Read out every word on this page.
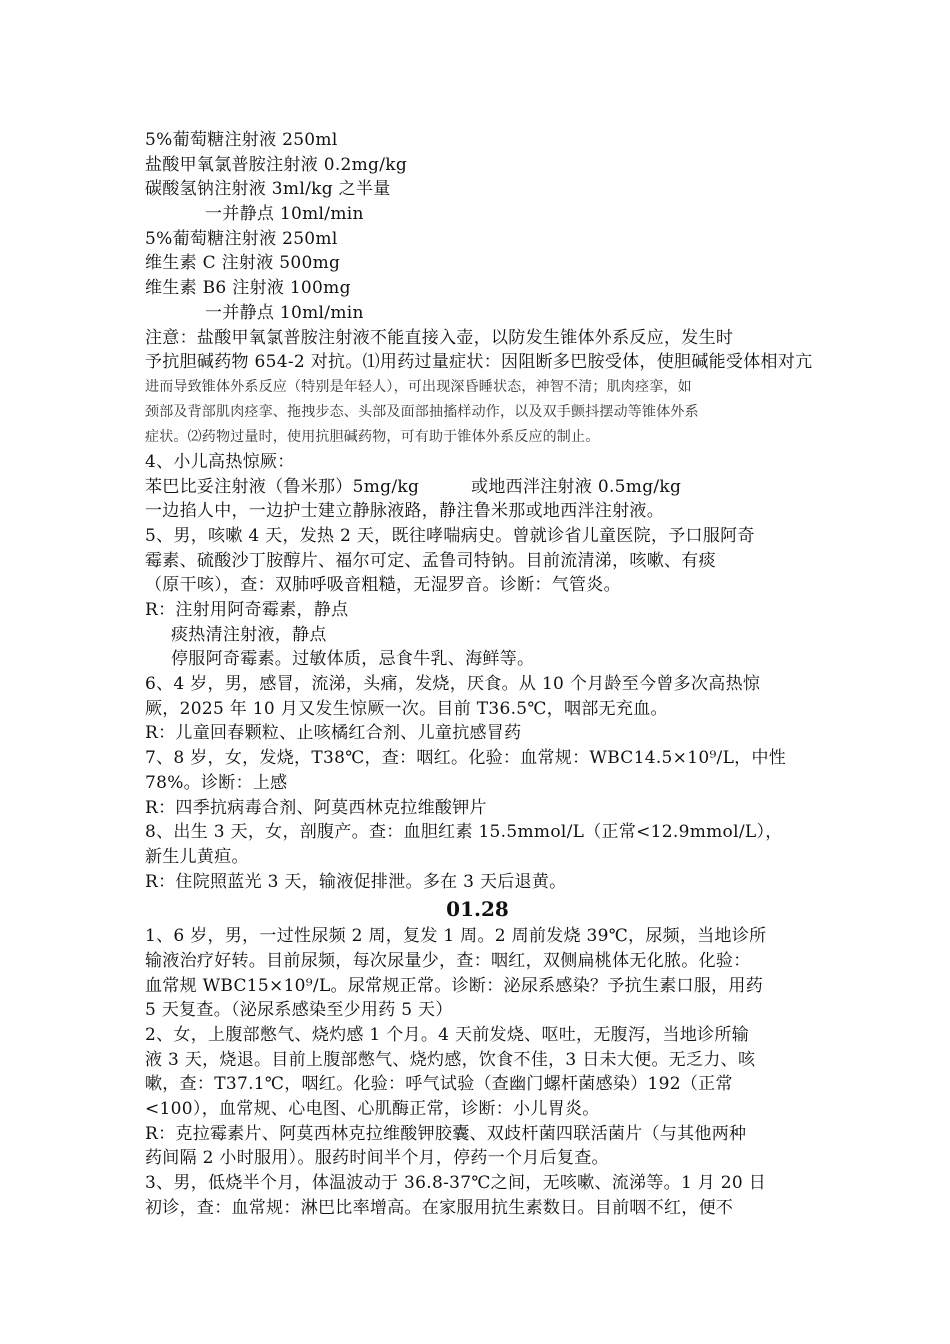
5%葡萄糖注射液 250ml
盐酸甲氧氯普胺注射液 0.2mg/kg
碳酸氢钠注射液 3ml/kg 之半量
一并静点 10ml/min
5%葡萄糖注射液 250ml
维生素 C 注射液 500mg
维生素 B6 注射液 100mg
一并静点 10ml/min
注意：盐酸甲氧氯普胺注射液不能直接入壶，以防发生锥体外系反应，发生时
予抗胆碱药物 654-2 对抗。⑴用药过量症状：因阻断多巴胺受体，使胆碱能受体相对亢
进而导致锥体外系反应（特别是年轻人），可出现深昏睡状态，神智不清；肌肉痉挛，如
颈部及背部肌肉痉挛、拖拽步态、头部及面部抽搐样动作，以及双手颤抖摆动等锥体外系
症状。⑵药物过量时，使用抗胆碱药物，可有助于锥体外系反应的制止。
4、小儿高热惊厥：
苯巴比妥注射液（鲁米那）5mg/kg　　　或地西泮注射液 0.5mg/kg
一边掐人中，一边护士建立静脉液路，静注鲁米那或地西泮注射液。
5、男，咳嗽 4 天，发热 2 天，既往哮喘病史。曾就诊省儿童医院，予口服阿奇
霉素、硫酸沙丁胺醇片、福尔可定、孟鲁司特钠。目前流清涕，咳嗽、有痰
（原干咳），查：双肺呼吸音粗糙，无湿罗音。诊断：气管炎。
R：注射用阿奇霉素，静点
痰热清注射液，静点
停服阿奇霉素。过敏体质，忌食牛乳、海鲜等。
6、4 岁，男，感冒，流涕，头痛，发烧，厌食。从 10 个月龄至今曾多次高热惊
厥，2025 年 10 月又发生惊厥一次。目前 T36.5℃，咽部无充血。
R：儿童回春颗粒、止咳橘红合剂、儿童抗感冒药
7、8 岁，女，发烧，T38℃，查：咽红。化验：血常规：WBC14.5×10⁹/L，中性
78%。诊断：上感
R：四季抗病毒合剂、阿莫西林克拉维酸钾片
8、出生 3 天，女，剖腹产。查：血胆红素 15.5mmol/L（正常<12.9mmol/L），
新生儿黄疸。
R：住院照蓝光 3 天，输液促排泄。多在 3 天后退黄。
01.28
1、6 岁，男，一过性尿频 2 周，复发 1 周。2 周前发烧 39℃，尿频，当地诊所
输液治疗好转。目前尿频，每次尿量少，查：咽红，双侧扁桃体无化脓。化验：
血常规 WBC15×10⁹/L。尿常规正常。诊断：泌尿系感染？予抗生素口服，用药
5 天复查。（泌尿系感染至少用药 5 天）
2、女，上腹部憋气、烧灼感 1 个月。4 天前发烧、呕吐，无腹泻，当地诊所输
液 3 天，烧退。目前上腹部憋气、烧灼感，饮食不佳，3 日未大便。无乏力、咳
嗽，查：T37.1℃，咽红。化验：呼气试验（查幽门螺杆菌感染）192（正常
<100），血常规、心电图、心肌酶正常，诊断：小儿胃炎。
R：克拉霉素片、阿莫西林克拉维酸钾胶囊、双歧杆菌四联活菌片（与其他两种
药间隔 2 小时服用）。服药时间半个月，停药一个月后复查。
3、男，低烧半个月，体温波动于 36.8-37℃之间，无咳嗽、流涕等。1 月 20 日
初诊，查：血常规：淋巴比率增高。在家服用抗生素数日。目前咽不红，便不
